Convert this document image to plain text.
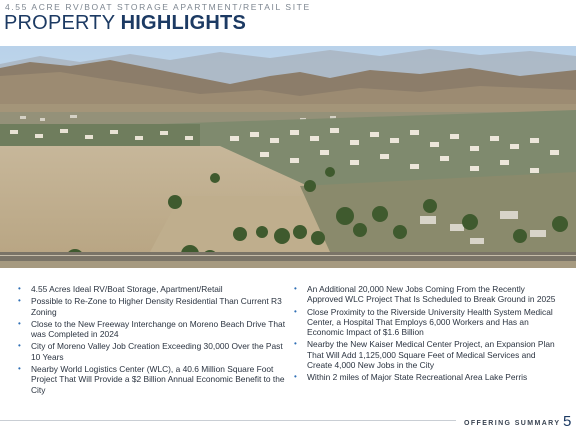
4.55 ACRE RV/BOAT STORAGE APARTMENT/RETAIL SITE
PROPERTY HIGHLIGHTS
• 4.55 Acres Ideal RV/Boat Storage, Apartment/Retail
• Possible to Re-Zone to Higher Density Residential Than Current R3 Zoning
• Close to the New Freeway Interchange on Moreno Beach Drive That was Completed in 2024
• City of Moreno Valley Job Creation Exceeding 30,000 Over the Past 10 Years
• Nearby World Logistics Center (WLC), a 40.6 Million Square Foot Project That Will Provide a $2 Billion Annual Economic Benefit to the City
• An Additional 20,000 New Jobs Coming From the Recently Approved WLC Project That Is Scheduled to Break Ground in 2025
• Close Proximity to the Riverside University Health System Medical Center, a Hospital That Employs 6,000 Workers and Has an Economic Impact of $1.6 Billion
• Nearby the New Kaiser Medical Center Project, an Expansion Plan That Will Add 1,125,000 Square Feet of Medical Services and Create 4,000 New Jobs in the City
• Within 2 miles of Major State Recreational Area Lake Perris
OFFERING SUMMARY 5
